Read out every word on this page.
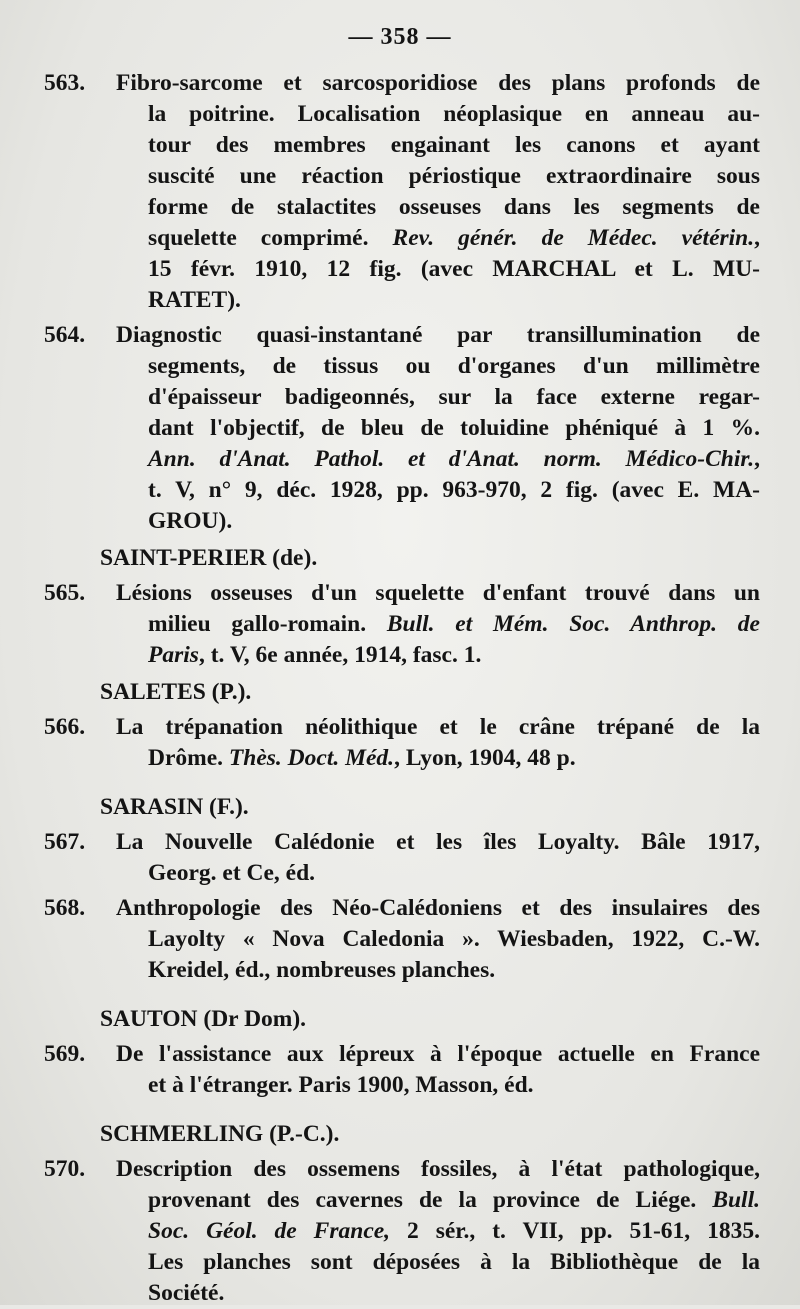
— 358 —
563.	Fibro-sarcome et sarcosporidiose des plans profonds de
la poitrine. Localisation néoplasique en anneau au-
tour des membres engainant les canons et ayant
suscité une réaction périostique extraordinaire sous
forme de stalactites osseuses dans les segments de
squelette comprimé. Rev. génér. de Médec. vétérin.,
15 févr. 1910, 12 fig. (avec MARCHAL et L. MU-
RATET).
564.	Diagnostic quasi-instantané par transillumination de
segments, de tissus ou d'organes d'un millimètre
d'épaisseur badigeonnés, sur la face externe regar-
dant l'objectif, de bleu de toluidine phéniqué à 1 %.
Ann. d'Anat. Pathol. et d'Anat. norm. Médico-Chir.,
t. V, n° 9, déc. 1928, pp. 963-970, 2 fig. (avec E. MA-
GROU).
SAINT-PERIER (de).
565.	Lésions osseuses d'un squelette d'enfant trouvé dans un
milieu gallo-romain. Bull. et Mém. Soc. Anthrop. de
Paris, t. V, 6e année, 1914, fasc. 1.
SALETES (P.).
566.	La trépanation néolithique et le crâne trépané de la
Drôme. Thès. Doct. Méd., Lyon, 1904, 48 p.
SARASIN (F.).
567.	La Nouvelle Calédonie et les îles Loyalty. Bâle 1917,
Georg. et Ce, éd.
568.	Anthropologie des Néo-Calédoniens et des insulaires des
Layolty « Nova Caledonia ». Wiesbaden, 1922, C.-W.
Kreidel, éd., nombreuses planches.
SAUTON (Dr Dom).
569.	De l'assistance aux lépreux à l'époque actuelle en France
et à l'étranger. Paris 1900, Masson, éd.
SCHMERLING (P.-C.).
570.	Description des ossemens fossiles, à l'état pathologique,
provenant des cavernes de la province de Liége. Bull.
Soc. Géol. de France, 2 sér., t. VII, pp. 51-61, 1835.
Les planches sont déposées à la Bibliothèque de la
Société.
